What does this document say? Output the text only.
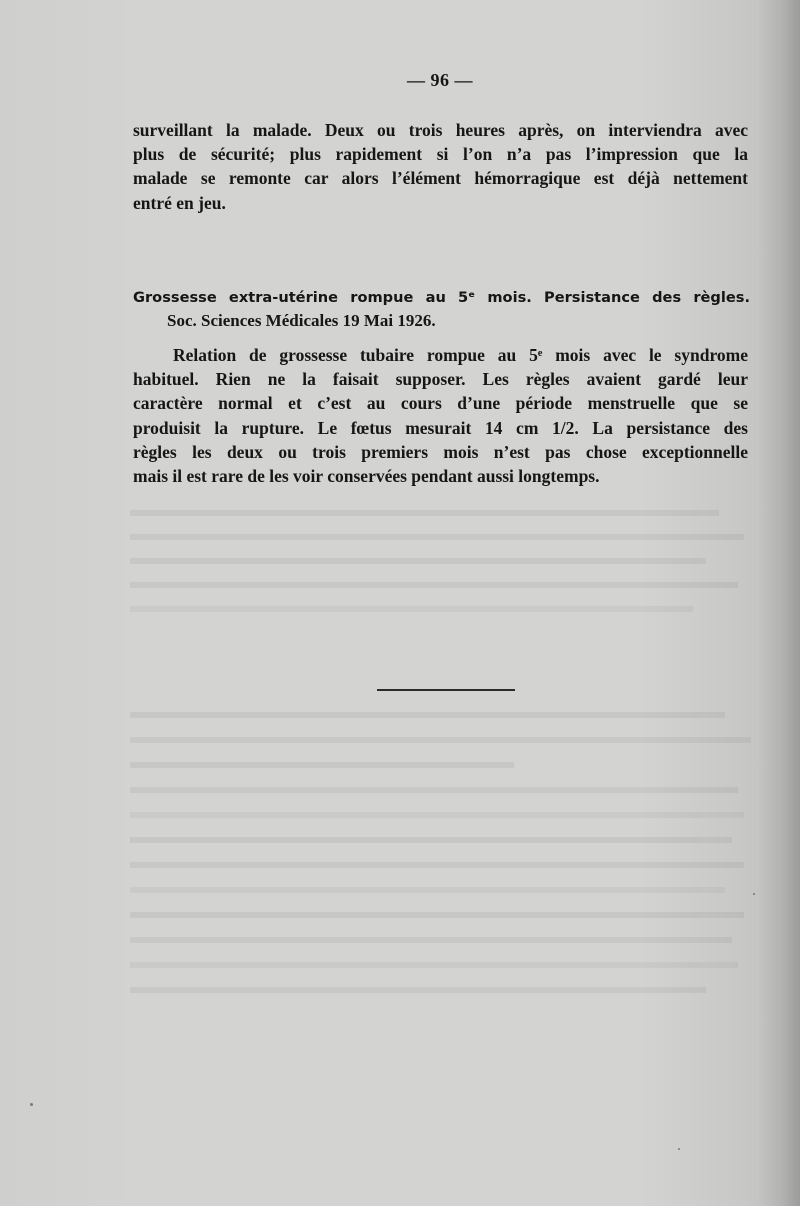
— 96 —
surveillant la malade. Deux ou trois heures après, on interviendra avec
plus de sécurité; plus rapidement si l’on n’a pas l’impression que la
malade se remonte car alors l’élément hémorragique est déjà nettement
entré en jeu.
Grossesse extra-utérine rompue au 5ᵉ mois. Persistance des règles.
Soc. Sciences Médicales 19 Mai 1926.
Relation de grossesse tubaire rompue au 5ᵉ mois avec le syndrome
habituel. Rien ne la faisait supposer. Les règles avaient gardé leur
caractère normal et c’est au cours d’une période menstruelle que se
produisit la rupture. Le fœtus mesurait 14 cm 1/2. La persistance des
règles les deux ou trois premiers mois n’est pas chose exceptionnelle
mais il est rare de les voir conservées pendant aussi longtemps.
